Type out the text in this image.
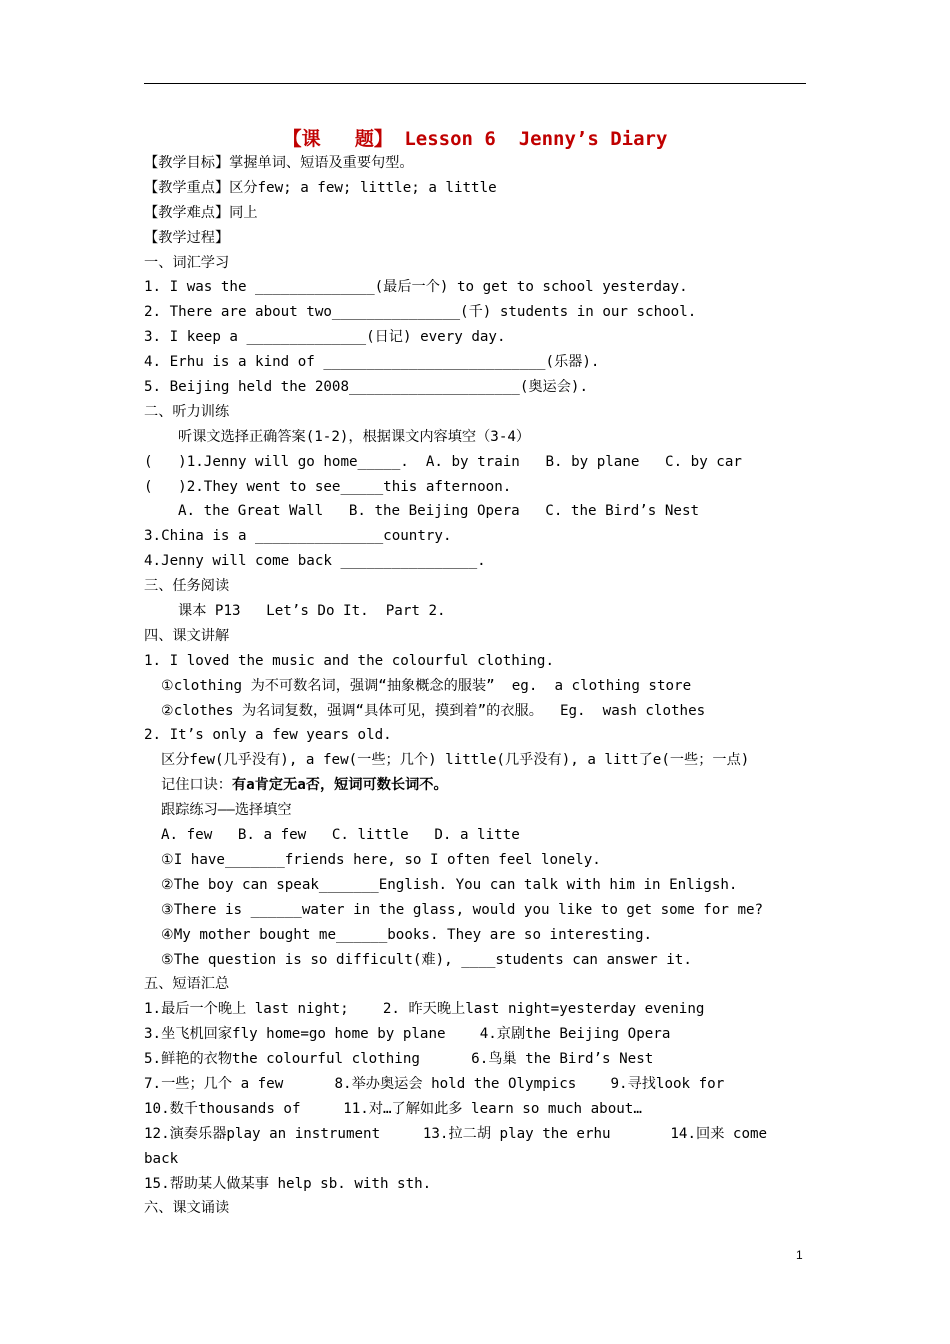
【课   题】 Lesson 6  Jenny’s Diary
【教学目标】掌握单词、短语及重要句型。
【教学重点】区分few; a few; little; a little
【教学难点】同上
【教学过程】
一、词汇学习
1. I was the ______________(最后一个) to get to school yesterday.
2. There are about two_______________(千) students in our school.
3. I keep a ______________(日记) every day.
4. Erhu is a kind of __________________________(乐器).
5. Beijing held the 2008____________________(奥运会).
二、听力训练
听课文选择正确答案(1-2)，根据课文内容填空（3-4）
(   )1.Jenny will go home_____.  A. by train   B. by plane   C. by car
(   )2.They went to see_____this afternoon.
A. the Great Wall   B. the Beijing Opera   C. the Bird’s Nest
3.China is a _______________country.
4.Jenny will come back ________________.
三、任务阅读
课本 P13   Let’s Do It.  Part 2.
四、课文讲解
1. I loved the music and the colourful clothing.
①clothing 为不可数名词，强调“抽象概念的服装”  eg.  a clothing store
②clothes 为名词复数，强调“具体可见，摸到着”的衣服。  Eg.  wash clothes
2. It’s only a few years old.
区分few(几乎没有), a few(一些；几个) little(几乎没有), a litt了e(一些；一点)
记住口诀：有a肯定无a否，短词可数长词不。
跟踪练习——选择填空
A. few   B. a few   C. little   D. a litte
①I have_______friends here, so I often feel lonely.
②The boy can speak_______English. You can talk with him in Enligsh.
③There is ______water in the glass, would you like to get some for me?
④My mother bought me______books. They are so interesting.
⑤The question is so difficult(难), ____students can answer it.
五、短语汇总
1.最后一个晚上 last night;    2. 昨天晚上last night=yesterday evening
3.坐飞机回家fly home=go home by plane    4.京剧the Beijing Opera
5.鲜艳的衣物the colourful clothing      6.鸟巢 the Bird’s Nest
7.一些；几个 a few      8.举办奥运会 hold the Olympics    9.寻找look for
10.数千thousands of     11.对…了解如此多 learn so much about…
12.演奏乐器play an instrument     13.拉二胡 play the erhu       14.回来 come
back
15.帮助某人做某事 help sb. with sth.
六、课文诵读
1
